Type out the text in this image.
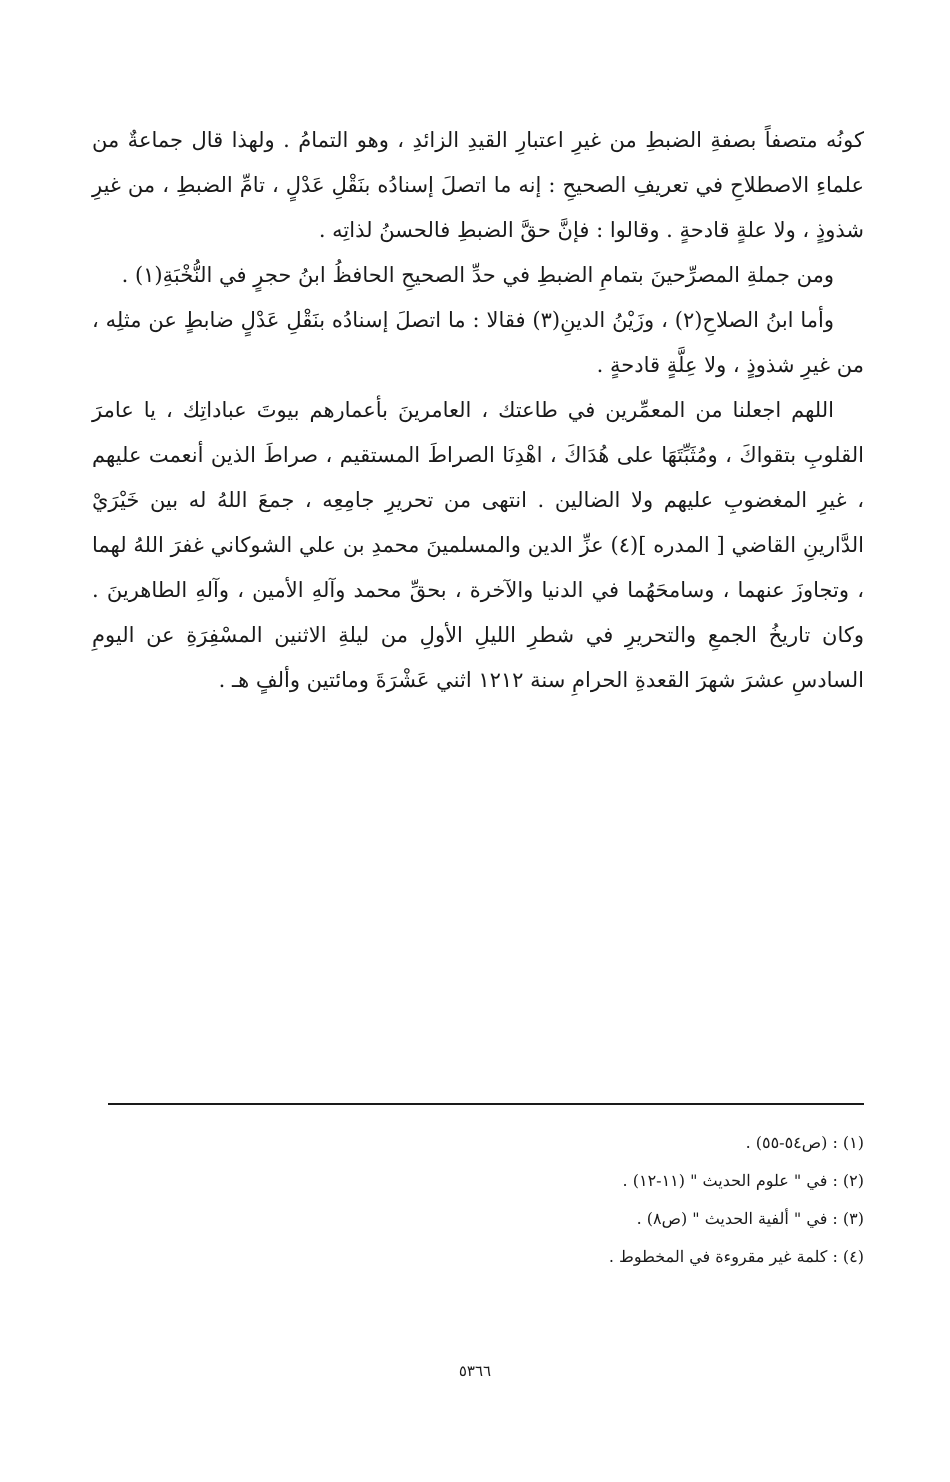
كونُه متصفاً بصفةِ الضبطِ من غيرِ اعتبارِ القيدِ الزائدِ ، وهو التمامُ . ولهذا قال جماعةٌ من علماءِ الاصطلاحِ في تعريفِ الصحيحِ : إنه ما اتصلَ إسنادُه بنَقْلِ عَدْلٍ ، تامِّ الضبطِ ، من غيرِ شذوذٍ ، ولا علةٍ قادحةٍ . وقالوا : فإنَّ حقَّ الضبطِ فالحسنُ لذاتِه .

ومن جملةِ المصرِّحينَ بتمامِ الضبطِ في حدِّ الصحيحِ الحافظُ ابنُ حجرٍ في النُّخْبَةِ(١) .

وأما ابنُ الصلاحِ(٢) ، وزَيْنُ الدينِ(٣) فقالا : ما اتصلَ إسنادُه بنَقْلِ عَدْلٍ ضابطٍ عن مثلِه ، من غيرِ شذوذٍ ، ولا عِلَّةٍ قادحةٍ .

اللهم اجعلنا من المعمِّرين في طاعتك ، العامرينَ بأعمارهم بيوتَ عباداتِك ، يا عامرَ القلوبِ بتقواكَ ، ومُثَبِّتَهَا على هُدَاكَ ، اهْدِنَا الصراطَ المستقيم ، صراطَ الذين أنعمت عليهم ، غيرِ المغضوبِ عليهم ولا الضالين . انتهى من تحريرِ جامِعِه ، جمعَ اللهُ له بين خَيْرَيْ الدَّارينِ القاضي [ المدره ](٤) عزِّ الدين والمسلمينَ محمدِ بن علي الشوكاني غفرَ اللهُ لهما ، وتجاوزَ عنهما ، وسامحَهُما في الدنيا والآخرة ، بحقِّ محمد وآلهِ الأمين ، وآلهِ الطاهرينَ . وكان تاريخُ الجمعِ والتحريرِ في شطرِ الليلِ الأولِ من ليلةِ الاثنين المسْفِرَةِ عن اليومِ السادسِ عشرَ شهرَ القعدةِ الحرامِ سنة ١٢١٢ اثني عَشْرَةَ ومائتين وألفٍ هـ .

(١) : (ص٥٤-٥٥) .

(٢) : في " علوم الحديث " (١١-١٢) .

(٣) : في " ألفية الحديث " (ص٨) .

(٤) : كلمة غير مقروءة في المخطوط .

٥٣٦٦
